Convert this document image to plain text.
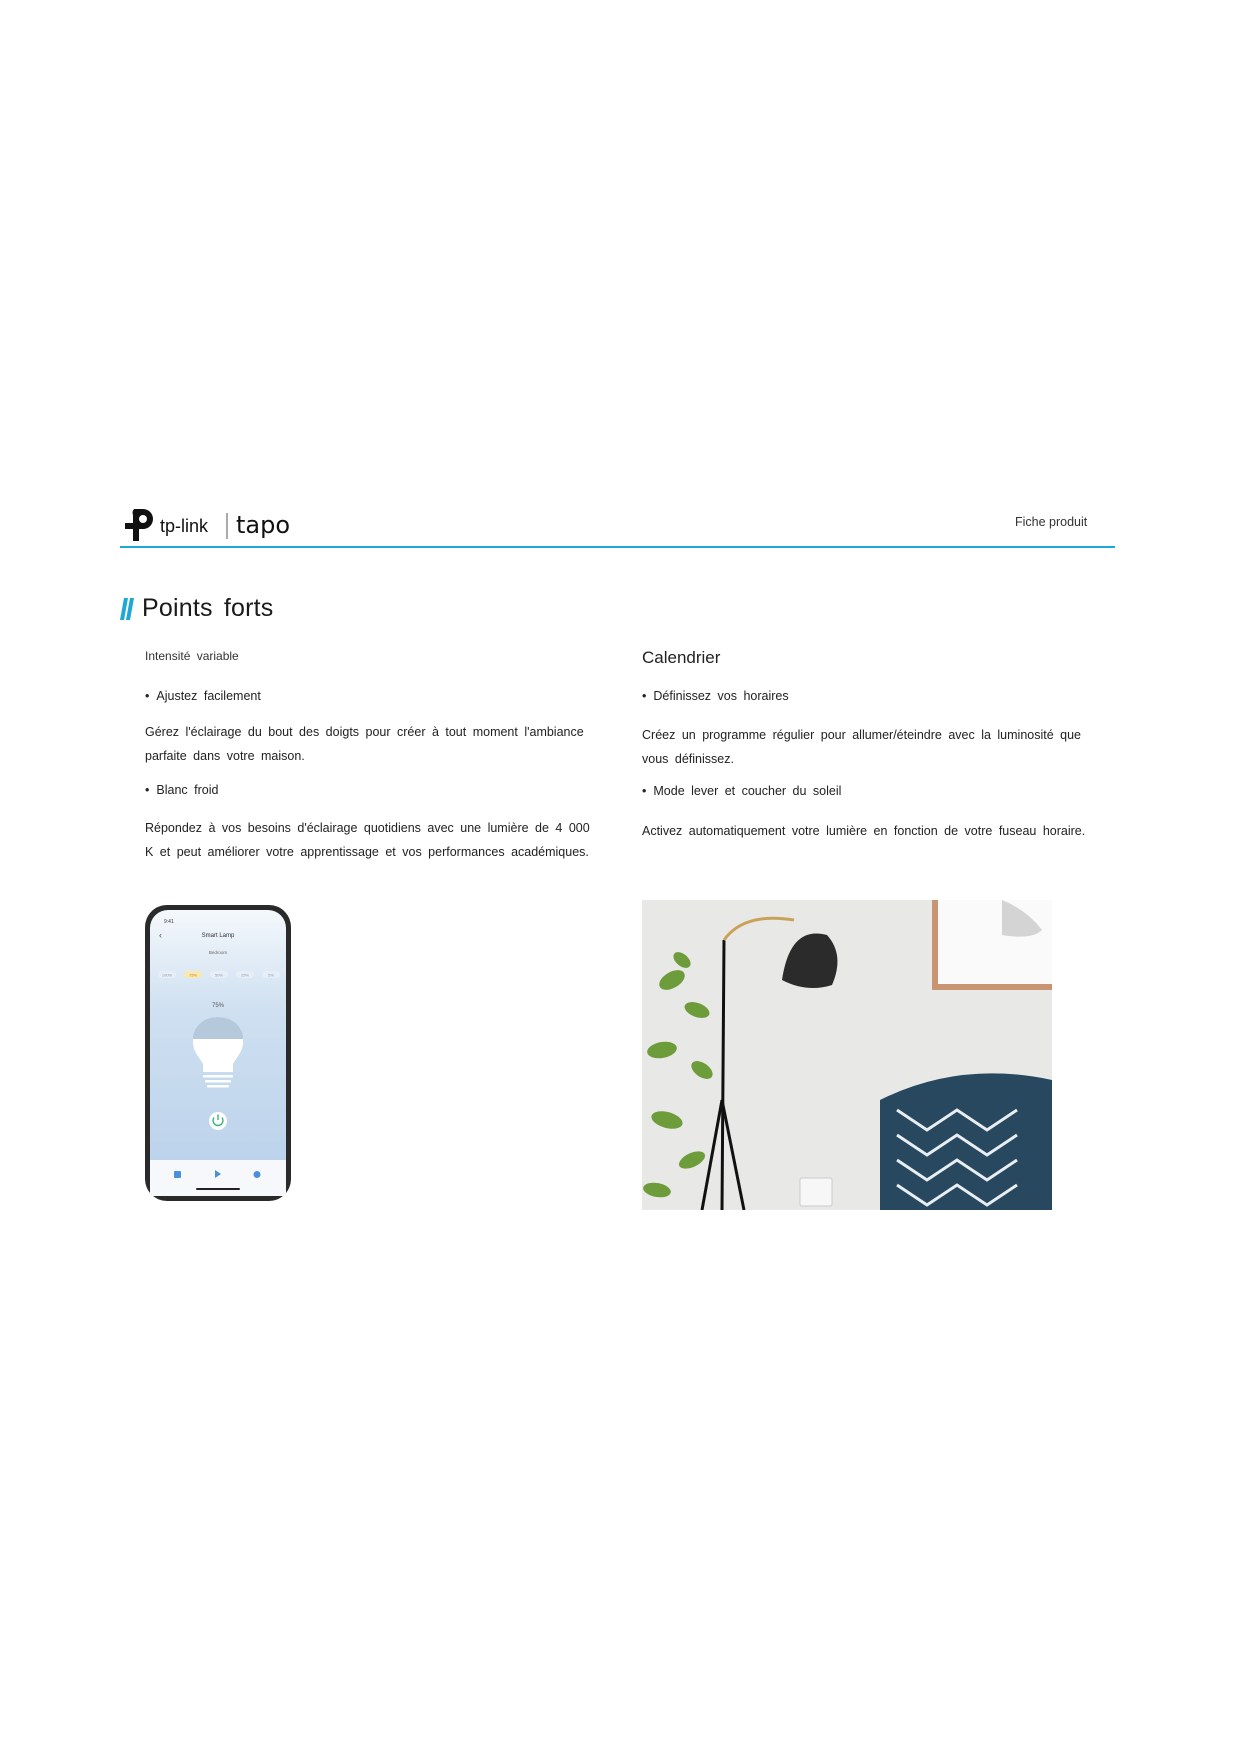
tp-link tapo	Fiche produit
Points forts
Intensité variable
• Ajustez facilement
Gérez l'éclairage du bout des doigts pour créer à tout moment l'ambiance parfaite dans votre maison.
• Blanc froid
Répondez à vos besoins d'éclairage quotidiens avec une lumière de 4 000 K et peut améliorer votre apprentissage et vos performances académiques.
Calendrier
• Définissez vos horaires
Créez un programme régulier pour allumer/éteindre avec la luminosité que vous définissez.
• Mode lever et coucher du soleil
Activez automatiquement votre lumière en fonction de votre fuseau horaire.
9:41
‹	Smart Lamp
Bedroom
100%	75%	50%	25%	5%
75%
